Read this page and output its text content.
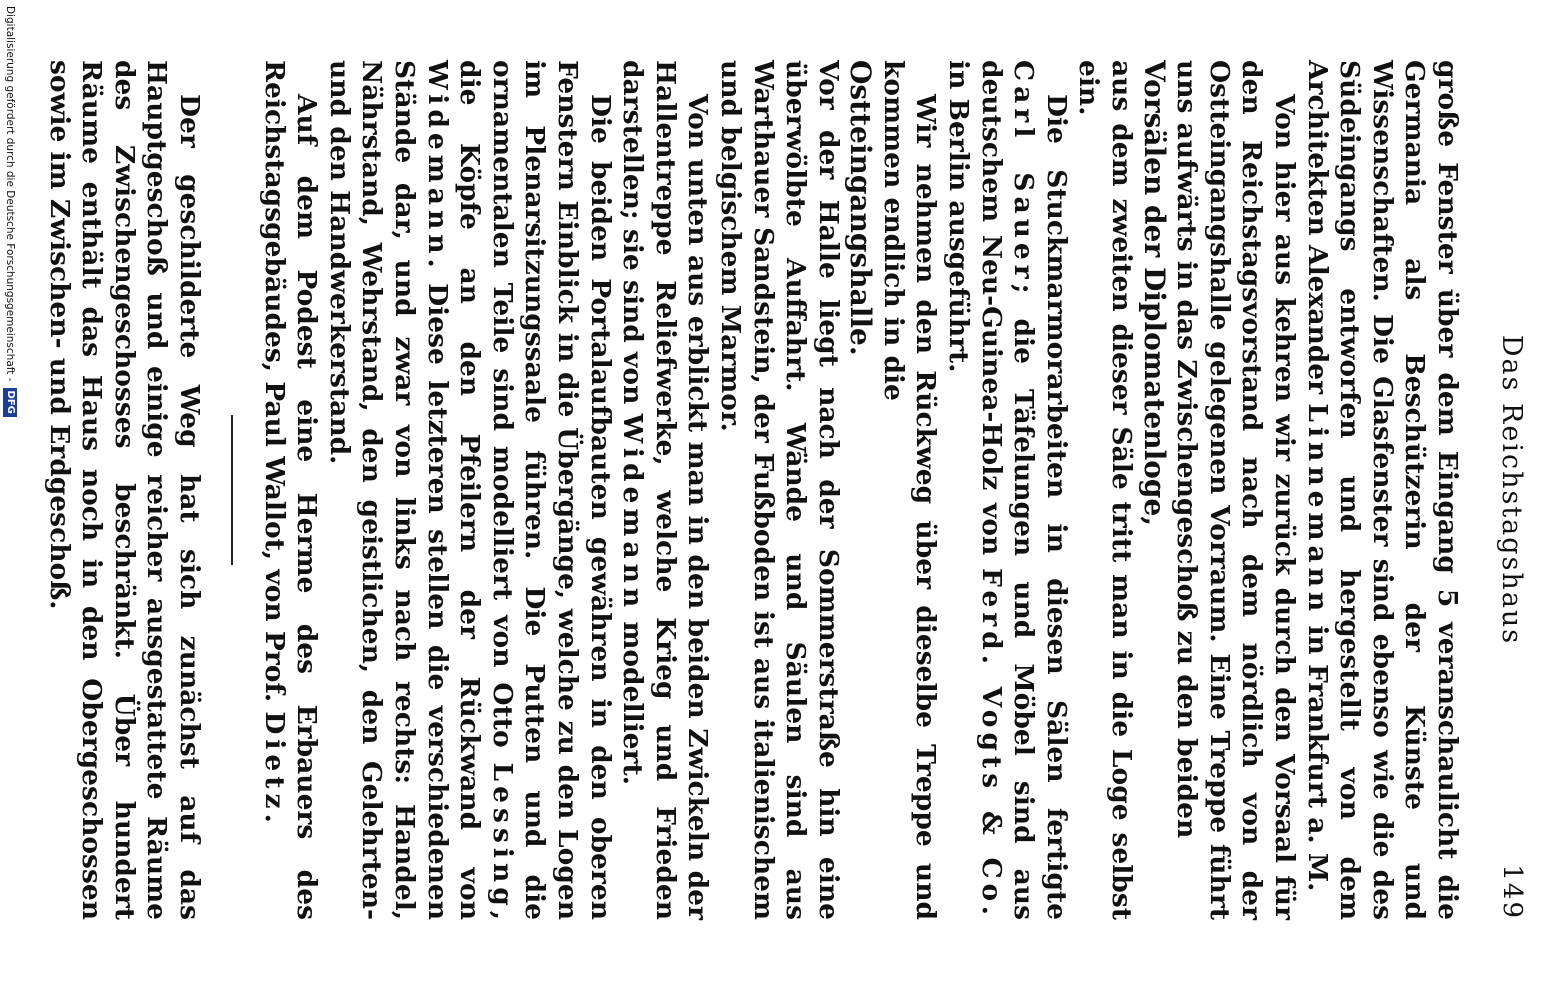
Das Reichstagshaus
149

große Fenster über dem Eingang 5 veranschaulicht die Germania als Beschützerin der Künste und Wissenschaften. Die Glasfenster sind ebenso wie die des Südeingangs entworfen und hergestellt von dem Architekten Alexander Linnemann in Frankfurt a. M.

Von hier aus kehren wir zurück durch den Vorsaal für den Reichstagsvorstand nach dem nördlich von der Ostteingangshalle gelegenen Vorraum. Eine Treppe führt uns aufwärts in das Zwischengeschoß zu den beiden

Vorsälen der Diplomatenloge,

aus dem zweiten dieser Säle tritt man in die Loge selbst ein.

Die Stuckmarmorarbeiten in diesen Sälen fertigte Carl Sauer; die Täfelungen und Möbel sind aus deutschem Neu-Guinea-Holz von Ferd. Vogts & Co. in Berlin ausgeführt.

Wir nehmen den Rückweg über dieselbe Treppe und kommen endlich in die

Ostteingangshalle.

Vor der Halle liegt nach der Sommerstraße hin eine überwölbte Auffahrt. Wände und Säulen sind aus Warthauer Sandstein, der Fußboden ist aus italienischem und belgischem Marmor.

Von unten aus erblickt man in den beiden Zwickeln der Hallentreppe Reliefwerke, welche Krieg und Frieden darstellen; sie sind von Widemann modelliert.

Die beiden Portalaufbauten gewähren in den oberen Fenstern Einblick in die Übergänge, welche zu den Logen im Plenarsitzungssaale führen. Die Putten und die ornamentalen Teile sind modelliert von Otto Lessing, die Köpfe an den Pfeilern der Rückwand von Widemann. Diese letzteren stellen die verschiedenen Stände dar, und zwar von links nach rechts: Handel, Nährstand, Wehrstand, den geistlichen, den Gelehrten- und den Handwerkerstand.

Auf dem Podest eine Herme des Erbauers des Reichstagsgebäudes, Paul Wallot, von Prof. Dietz.

Der geschilderte Weg hat sich zunächst auf das Hauptgeschoß und einige reicher ausgestattete Räume des Zwischengeschosses beschränkt. Über hundert Räume enthält das Haus noch in den Obergeschossen sowie im Zwischen- und Erdgeschoß.

Digitalisierung gefördert durch die Deutsche Forschungsgemeinschaft -
DFG
